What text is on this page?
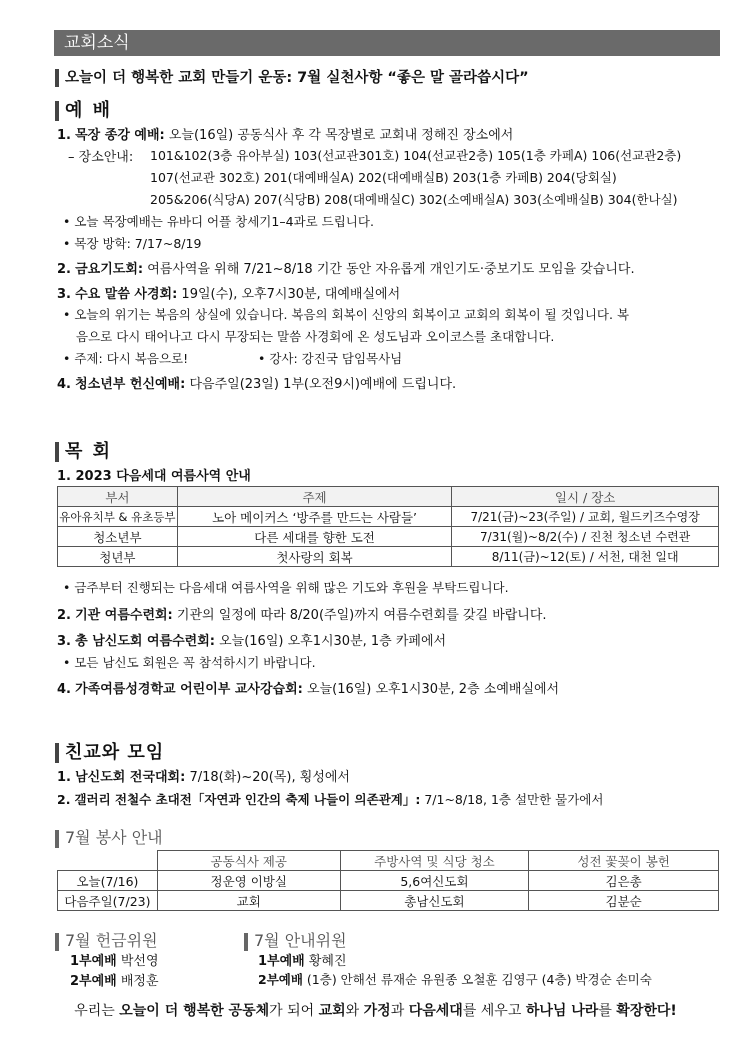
교회소식
오늘이 더 행복한 교회 만들기 운동: 7월 실천사항 “좋은 말 골라씁시다”
예 배
1. 목장 종강 예배: 오늘(16일) 공동식사 후 각 목장별로 교회내 정해진 장소에서
– 장소안내: 101&102(3층 유아부실) 103(선교관301호) 104(선교관2층) 105(1층 카페A) 106(선교관2층)
107(선교관 302호) 201(대예배실A) 202(대예배실B) 203(1층 카페B) 204(당회실)
205&206(식당A) 207(식당B) 208(대예배실C) 302(소예배실A) 303(소예배실B) 304(한나실)
• 오늘 목장예배는 유바디 어플 창세기1–4과로 드립니다.
• 목장 방학: 7/17~8/19
2. 금요기도회: 여름사역을 위해 7/21~8/18 기간 동안 자유롭게 개인기도·중보기도 모임을 갖습니다.
3. 수요 말씀 사경회: 19일(수), 오후7시30분, 대예배실에서
• 오늘의 위기는 복음의 상실에 있습니다. 복음의 회복이 신앙의 회복이고 교회의 회복이 될 것입니다. 복
음으로 다시 태어나고 다시 무장되는 말씀 사경회에 온 성도님과 오이코스를 초대합니다.
• 주제: 다시 복음으로!	• 강사: 강진국 담임목사님
4. 청소년부 헌신예배: 다음주일(23일) 1부(오전9시)예배에 드립니다.
목 회
1. 2023 다음세대 여름사역 안내
부서	주제	일시 / 장소
유아유치부 & 유초등부	노아 메이커스 ‘방주를 만드는 사람들’	7/21(금)~23(주일) / 교회, 월드키즈수영장
청소년부	다른 세대를 향한 도전	7/31(월)~8/2(수) / 진천 청소년 수련관
청년부	첫사랑의 회복	8/11(금)~12(토) / 서천, 대천 일대
• 금주부터 진행되는 다음세대 여름사역을 위해 많은 기도와 후원을 부탁드립니다.
2. 기관 여름수련회: 기관의 일정에 따라 8/20(주일)까지 여름수련회를 갖길 바랍니다.
3. 총 남신도회 여름수련회: 오늘(16일) 오후1시30분, 1층 카페에서
• 모든 남신도 회원은 꼭 참석하시기 바랍니다.
4. 가족여름성경학교 어린이부 교사강습회: 오늘(16일) 오후1시30분, 2층 소예배실에서
친교와 모임
1. 남신도회 전국대회: 7/18(화)~20(목), 횡성에서
2. 갤러리 전철수 초대전「자연과 인간의 축제 나들이 의존관계」: 7/1~8/18, 1층 설만한 물가에서
7월 봉사 안내
	공동식사 제공	주방사역 및 식당 청소	성전 꽃꽂이 봉헌
오늘(7/16)	정운영 이방실	5,6여신도회	김은총
다음주일(7/23)	교회	총남신도회	김분순
7월 헌금위원
1부예배 박선영
2부예배 배정훈
7월 안내위원
1부예배 황혜진
2부예배 (1층) 안해선 류재순 유원종 오철훈 김영구 (4층) 박경순 손미숙
우리는 오늘이 더 행복한 공동체가 되어 교회와 가정과 다음세대를 세우고 하나님 나라를 확장한다!
